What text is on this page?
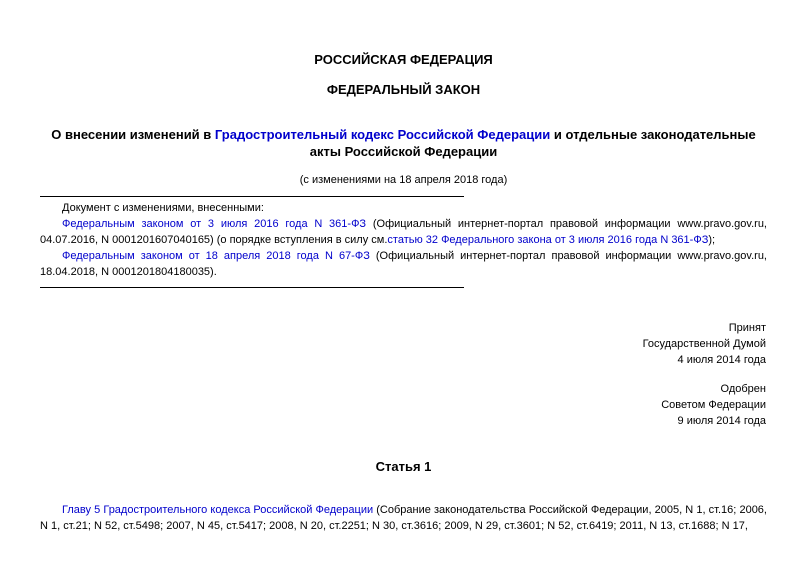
РОССИЙСКАЯ ФЕДЕРАЦИЯ
ФЕДЕРАЛЬНЫЙ ЗАКОН
О внесении изменений в Градостроительный кодекс Российской Федерации и отдельные законодательные акты Российской Федерации
(с изменениями на 18 апреля 2018 года)

Документ с изменениями, внесенными:

Федеральным законом от 3 июля 2016 года N 361-ФЗ (Официальный интернет-портал правовой информации www.pravo.gov.ru, 04.07.2016, N 0001201607040165) (о порядке вступления в силу см.статью 32 Федерального закона от 3 июля 2016 года N 361-ФЗ);

Федеральным законом от 18 апреля 2018 года N 67-ФЗ (Официальный интернет-портал правовой информации www.pravo.gov.ru, 18.04.2018, N 0001201804180035).

Принят
Государственной Думой
4 июля 2014 года
Одобрен
Советом Федерации
9 июля 2014 года
Статья 1
Главу 5 Градостроительного кодекса Российской Федерации (Собрание законодательства Российской Федерации, 2005, N 1, ст.16; 2006, N 1, ст.21; N 52, ст.5498; 2007, N 45, ст.5417; 2008, N 20, ст.2251; N 30, ст.3616; 2009, N 29, ст.3601; N 52, ст.6419; 2011, N 13, ст.1688; N 17,
